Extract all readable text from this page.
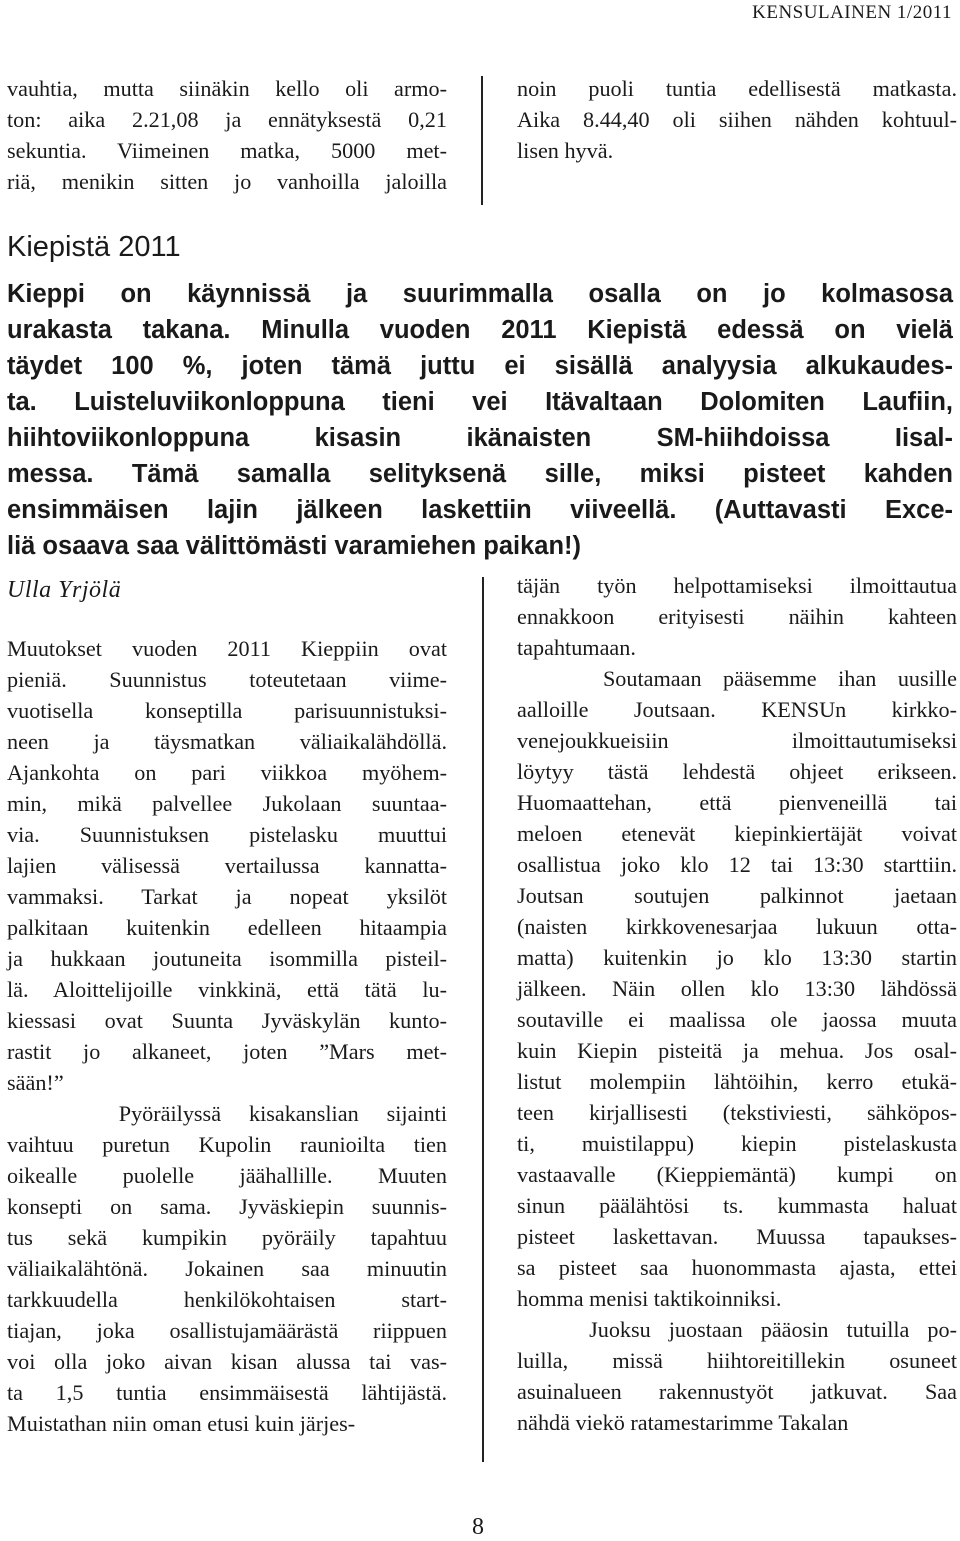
KENSULAINEN 1/2011
vauhtia, mutta siinäkin kello oli armo-
ton: aika 2.21,08 ja ennätyksestä 0,21
sekuntia. Viimeinen matka, 5000 met-
riä, menikin sitten jo vanhoilla jaloilla
noin puoli tuntia edellisestä matkasta.
Aika 8.44,40 oli siihen nähden kohtuul-
lisen hyvä.
Kiepistä 2011
Kieppi on käynnissä ja suurimmalla osalla on jo kolmasosa
urakasta takana. Minulla vuoden 2011 Kiepistä edessä on vielä
täydet 100 %, joten tämä juttu ei sisällä analyysia alkukaudes-
ta. Luisteluviikonloppuna tieni vei Itävaltaan Dolomiten Laufiin,
hiihtoviikonloppuna kisasin ikänaisten SM-hiihdoissa Iisal-
messa. Tämä samalla selityksenä sille, miksi pisteet kahden
ensimmäisen lajin jälkeen laskettiin viiveellä. (Auttavasti Exce-
liä osaava saa välittömästi varamiehen paikan!)
Ulla Yrjölä
Muutokset vuoden 2011 Kieppiin ovat
pieniä. Suunnistus toteutetaan viime-
vuotisella konseptilla parisuunnistuksi-
neen ja täysmatkan väliaikalähdöllä.
Ajankohta on pari viikkoa myöhem-
min, mikä palvellee Jukolaan suuntaa-
via. Suunnistuksen pistelasku muuttui
lajien välisessä vertailussa kannatta-
vammaksi. Tarkat ja nopeat yksilöt
palkitaan kuitenkin edelleen hitaampia
ja hukkaan joutuneita isommilla pisteil-
lä. Aloittelijoille vinkkinä, että tätä lu-
kiessasi ovat Suunta Jyväskylän kunto-
rastit jo alkaneet, joten ”Mars met-
sään!”
Pyöräilyssä kisakanslian sijainti
vaihtuu puretun Kupolin raunioilta tien
oikealle puolelle jäähallille. Muuten
konsepti on sama. Jyväskiepin suunnis-
tus sekä kumpikin pyöräily tapahtuu
väliaikalähtönä. Jokainen saa minuutin
tarkkuudella henkilökohtaisen start-
tiajan, joka osallistujamäärästä riippuen
voi olla joko aivan kisan alussa tai vas-
ta 1,5 tuntia ensimmäisestä lähtijästä.
Muistathan niin oman etusi kuin järjes-
täjän työn helpottamiseksi ilmoittautua
ennakkoon erityisesti näihin kahteen
tapahtumaan.
Soutamaan pääsemme ihan uusille
aalloille Joutsaan. KENSUn kirkko-
venejoukkueisiin ilmoittautumiseksi
löytyy tästä lehdestä ohjeet erikseen.
Huomaattehan, että pienveneillä tai
meloen etenevät kiepinkiertäjät voivat
osallistua joko klo 12 tai 13:30 starttiin.
Joutsan soutujen palkinnot jaetaan
(naisten kirkkovenesarjaa lukuun otta-
matta) kuitenkin jo klo 13:30 startin
jälkeen. Näin ollen klo 13:30 lähdössä
soutaville ei maalissa ole jaossa muuta
kuin Kiepin pisteitä ja mehua. Jos osal-
listut molempiin lähtöihin, kerro etukä-
teen kirjallisesti (tekstiviesti, sähköpos-
ti, muistilappu) kiepin pistelaskusta
vastaavalle (Kieppiemäntä) kumpi on
sinun päälähtösi ts. kummasta haluat
pisteet laskettavan. Muussa tapaukses-
sa pisteet saa huonommasta ajasta, ettei
homma menisi taktikoinniksi.
Juoksu juostaan pääosin tutuilla po-
luilla, missä hiihtoreitillekin osuneet
asuinalueen rakennustyöt jatkuvat. Saa
nähdä viekö ratamestarimme Takalan
8
